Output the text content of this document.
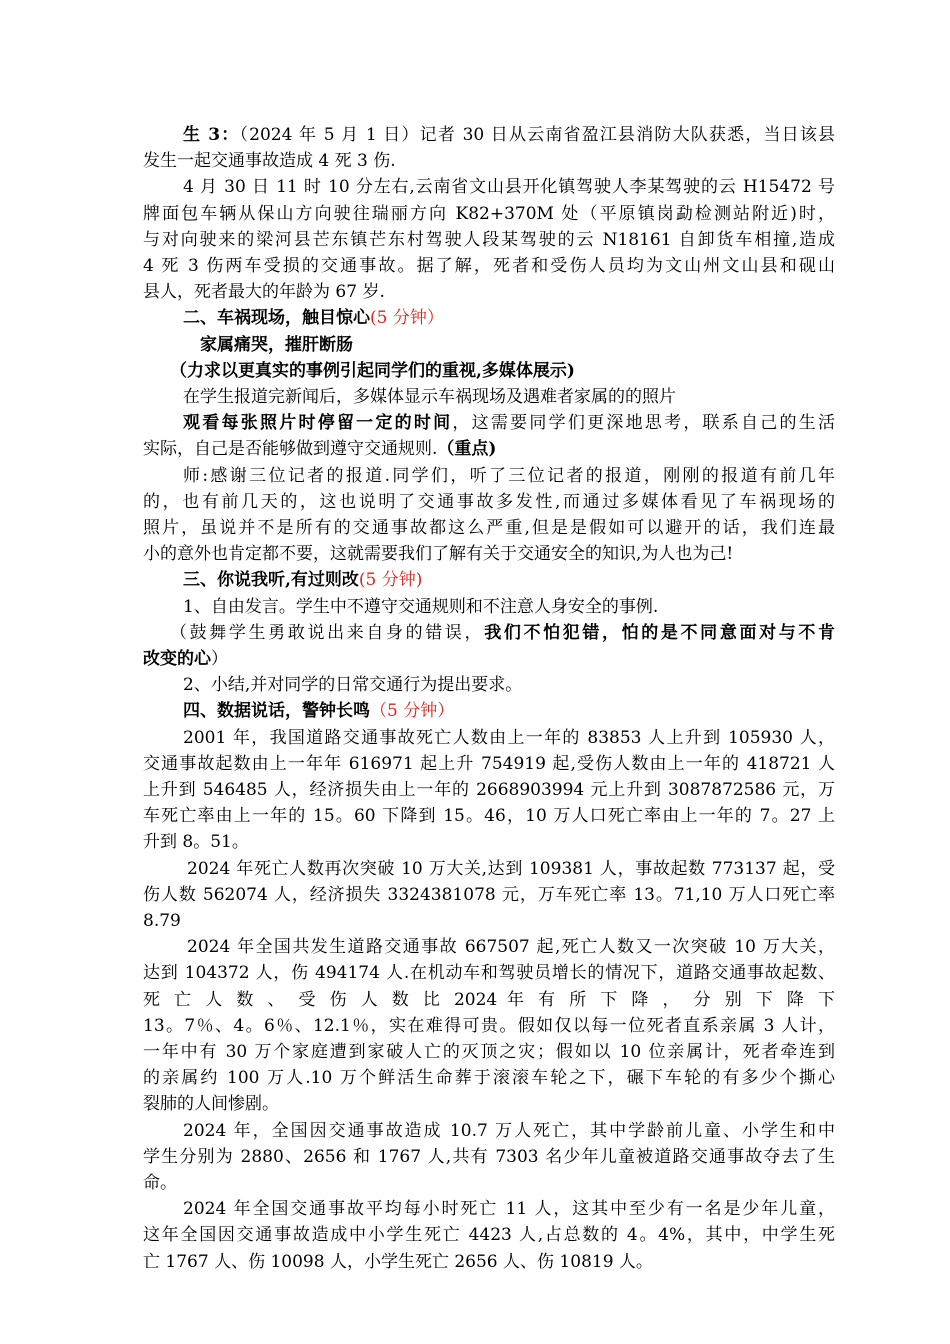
生 3：（2024 年 5 月 1 日）记者 30 日从云南省盈江县消防大队获悉，当日该县
发生一起交通事故造成 4 死 3 伤.
4 月 30 日 11 时 10 分左右,云南省文山县开化镇驾驶人李某驾驶的云 H15472 号
牌面包车辆从保山方向驶往瑞丽方向 K82+370M 处（平原镇岗勐检测站附近)时，
与对向驶来的梁河县芒东镇芒东村驾驶人段某驾驶的云 N18161 自卸货车相撞,造成
4 死 3 伤两车受损的交通事故。据了解，死者和受伤人员均为文山州文山县和砚山
县人，死者最大的年龄为 67 岁.
二、车祸现场，触目惊心(5 分钟）
家属痛哭，摧肝断肠
（力求以更真实的事例引起同学们的重视,多媒体展示)
在学生报道完新闻后，多媒体显示车祸现场及遇难者家属的的照片
观看每张照片时停留一定的时间，这需要同学们更深地思考，联系自己的生活
实际，自己是否能够做到遵守交通规则.（重点)
师:感谢三位记者的报道.同学们，听了三位记者的报道，刚刚的报道有前几年
的，也有前几天的，这也说明了交通事故多发性,而通过多媒体看见了车祸现场的
照片，虽说并不是所有的交通事故都这么严重,但是是假如可以避开的话，我们连最
小的意外也肯定都不要，这就需要我们了解有关于交通安全的知识,为人也为己!
三、你说我听,有过则改(5 分钟)
1、自由发言。学生中不遵守交通规则和不注意人身安全的事例.
（鼓舞学生勇敢说出来自身的错误，我们不怕犯错，怕的是不同意面对与不肯
改变的心）
2、小结,并对同学的日常交通行为提出要求。
四、数据说话，警钟长鸣（5 分钟）
2001 年，我国道路交通事故死亡人数由上一年的 83853 人上升到 105930 人，
交通事故起数由上一年年 616971 起上升 754919 起,受伤人数由上一年的 418721 人
上升到 546485 人，经济损失由上一年的 2668903994 元上升到 3087872586 元，万
车死亡率由上一年的 15。60 下降到 15。46，10 万人口死亡率由上一年的 7。27 上
升到 8。51。
2024 年死亡人数再次突破 10 万大关,达到 109381 人，事故起数 773137 起，受
伤人数 562074 人，经济损失 3324381078 元，万车死亡率 13。71,10 万人口死亡率
8.79
2024 年全国共发生道路交通事故 667507 起,死亡人数又一次突破 10 万大关，
达到 104372 人，伤 494174 人.在机动车和驾驶员增长的情况下，道路交通事故起数、
死 亡 人 数 、 受 伤 人 数 比 2024 年 有 所 下 降 ， 分 别 下 降 下
13。7％、4。6％、12.1％，实在难得可贵。假如仅以每一位死者直系亲属 3 人计，
一年中有 30 万个家庭遭到家破人亡的灭顶之灾；假如以 10 位亲属计，死者牵连到
的亲属约 100 万人.10 万个鲜活生命葬于滚滚车轮之下，碾下车轮的有多少个撕心
裂肺的人间惨剧。
2024 年，全国因交通事故造成 10.7 万人死亡，其中学龄前儿童、小学生和中
学生分别为 2880、2656 和 1767 人,共有 7303 名少年儿童被道路交通事故夺去了生
命。
2024 年全国交通事故平均每小时死亡 11 人，这其中至少有一名是少年儿童，
这年全国因交通事故造成中小学生死亡 4423 人,占总数的 4。4%，其中，中学生死
亡 1767 人、伤 10098 人，小学生死亡 2656 人、伤 10819 人。
